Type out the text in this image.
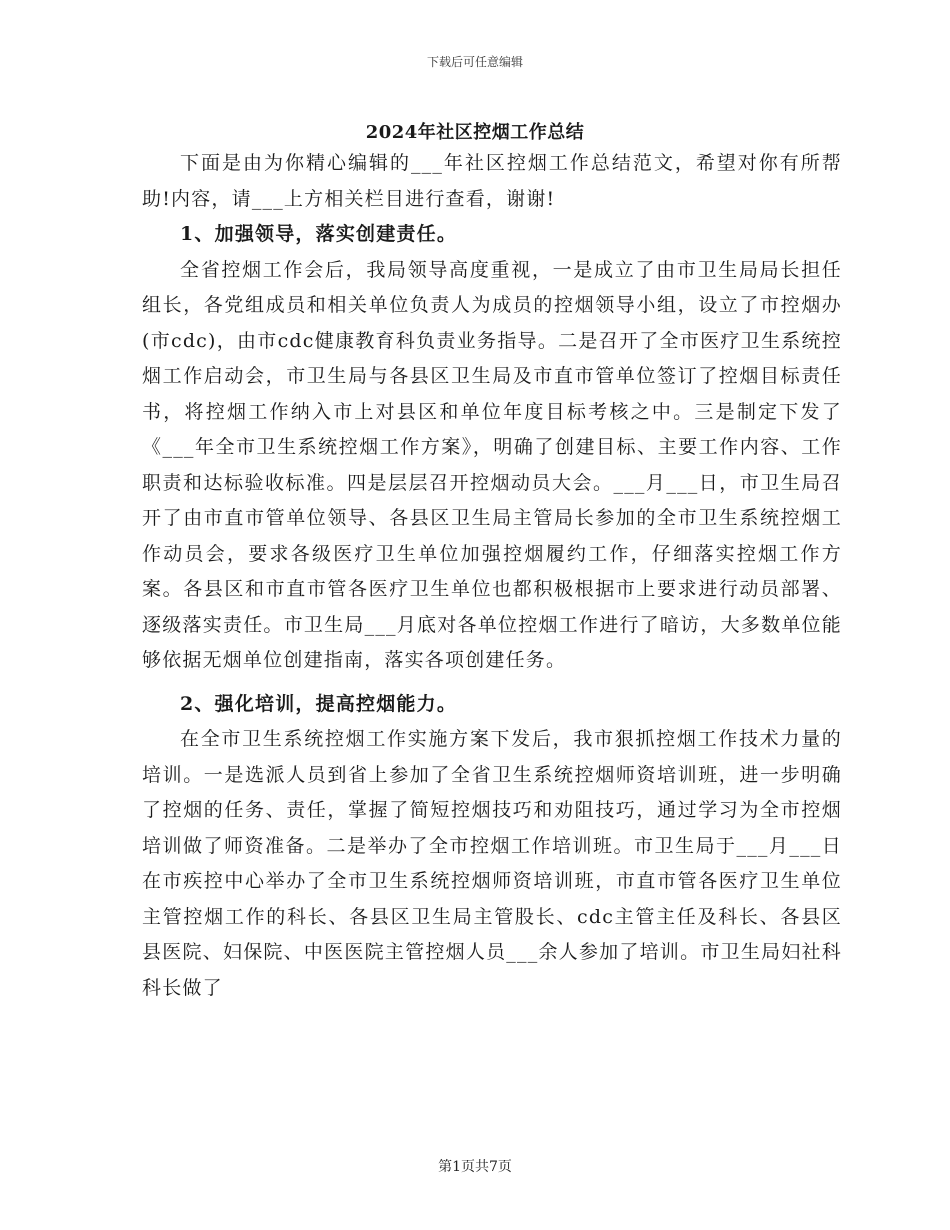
下载后可任意编辑
2024年社区控烟工作总结

下面是由为你精心编辑的___年社区控烟工作总结范文，希望对你有所帮助!内容，请___上方相关栏目进行查看，谢谢!

1、加强领导，落实创建责任。

全省控烟工作会后，我局领导高度重视，一是成立了由市卫生局局长担任组长，各党组成员和相关单位负责人为成员的控烟领导小组，设立了市控烟办(市cdc)，由市cdc健康教育科负责业务指导。二是召开了全市医疗卫生系统控烟工作启动会，市卫生局与各县区卫生局及市直市管单位签订了控烟目标责任书，将控烟工作纳入市上对县区和单位年度目标考核之中。三是制定下发了《___年全市卫生系统控烟工作方案》，明确了创建目标、主要工作内容、工作职责和达标验收标准。四是层层召开控烟动员大会。___月___日，市卫生局召开了由市直市管单位领导、各县区卫生局主管局长参加的全市卫生系统控烟工作动员会，要求各级医疗卫生单位加强控烟履约工作，仔细落实控烟工作方案。各县区和市直市管各医疗卫生单位也都积极根据市上要求进行动员部署、逐级落实责任。市卫生局___月底对各单位控烟工作进行了暗访，大多数单位能够依据无烟单位创建指南，落实各项创建任务。

2、强化培训，提高控烟能力。

在全市卫生系统控烟工作实施方案下发后，我市狠抓控烟工作技术力量的培训。一是选派人员到省上参加了全省卫生系统控烟师资培训班，进一步明确了控烟的任务、责任，掌握了简短控烟技巧和劝阻技巧，通过学习为全市控烟培训做了师资准备。二是举办了全市控烟工作培训班。市卫生局于___月___日在市疾控中心举办了全市卫生系统控烟师资培训班，市直市管各医疗卫生单位主管控烟工作的科长、各县区卫生局主管股长、cdc主管主任及科长、各县区县医院、妇保院、中医医院主管控烟人员___余人参加了培训。市卫生局妇社科科长做了

第1页共7页
